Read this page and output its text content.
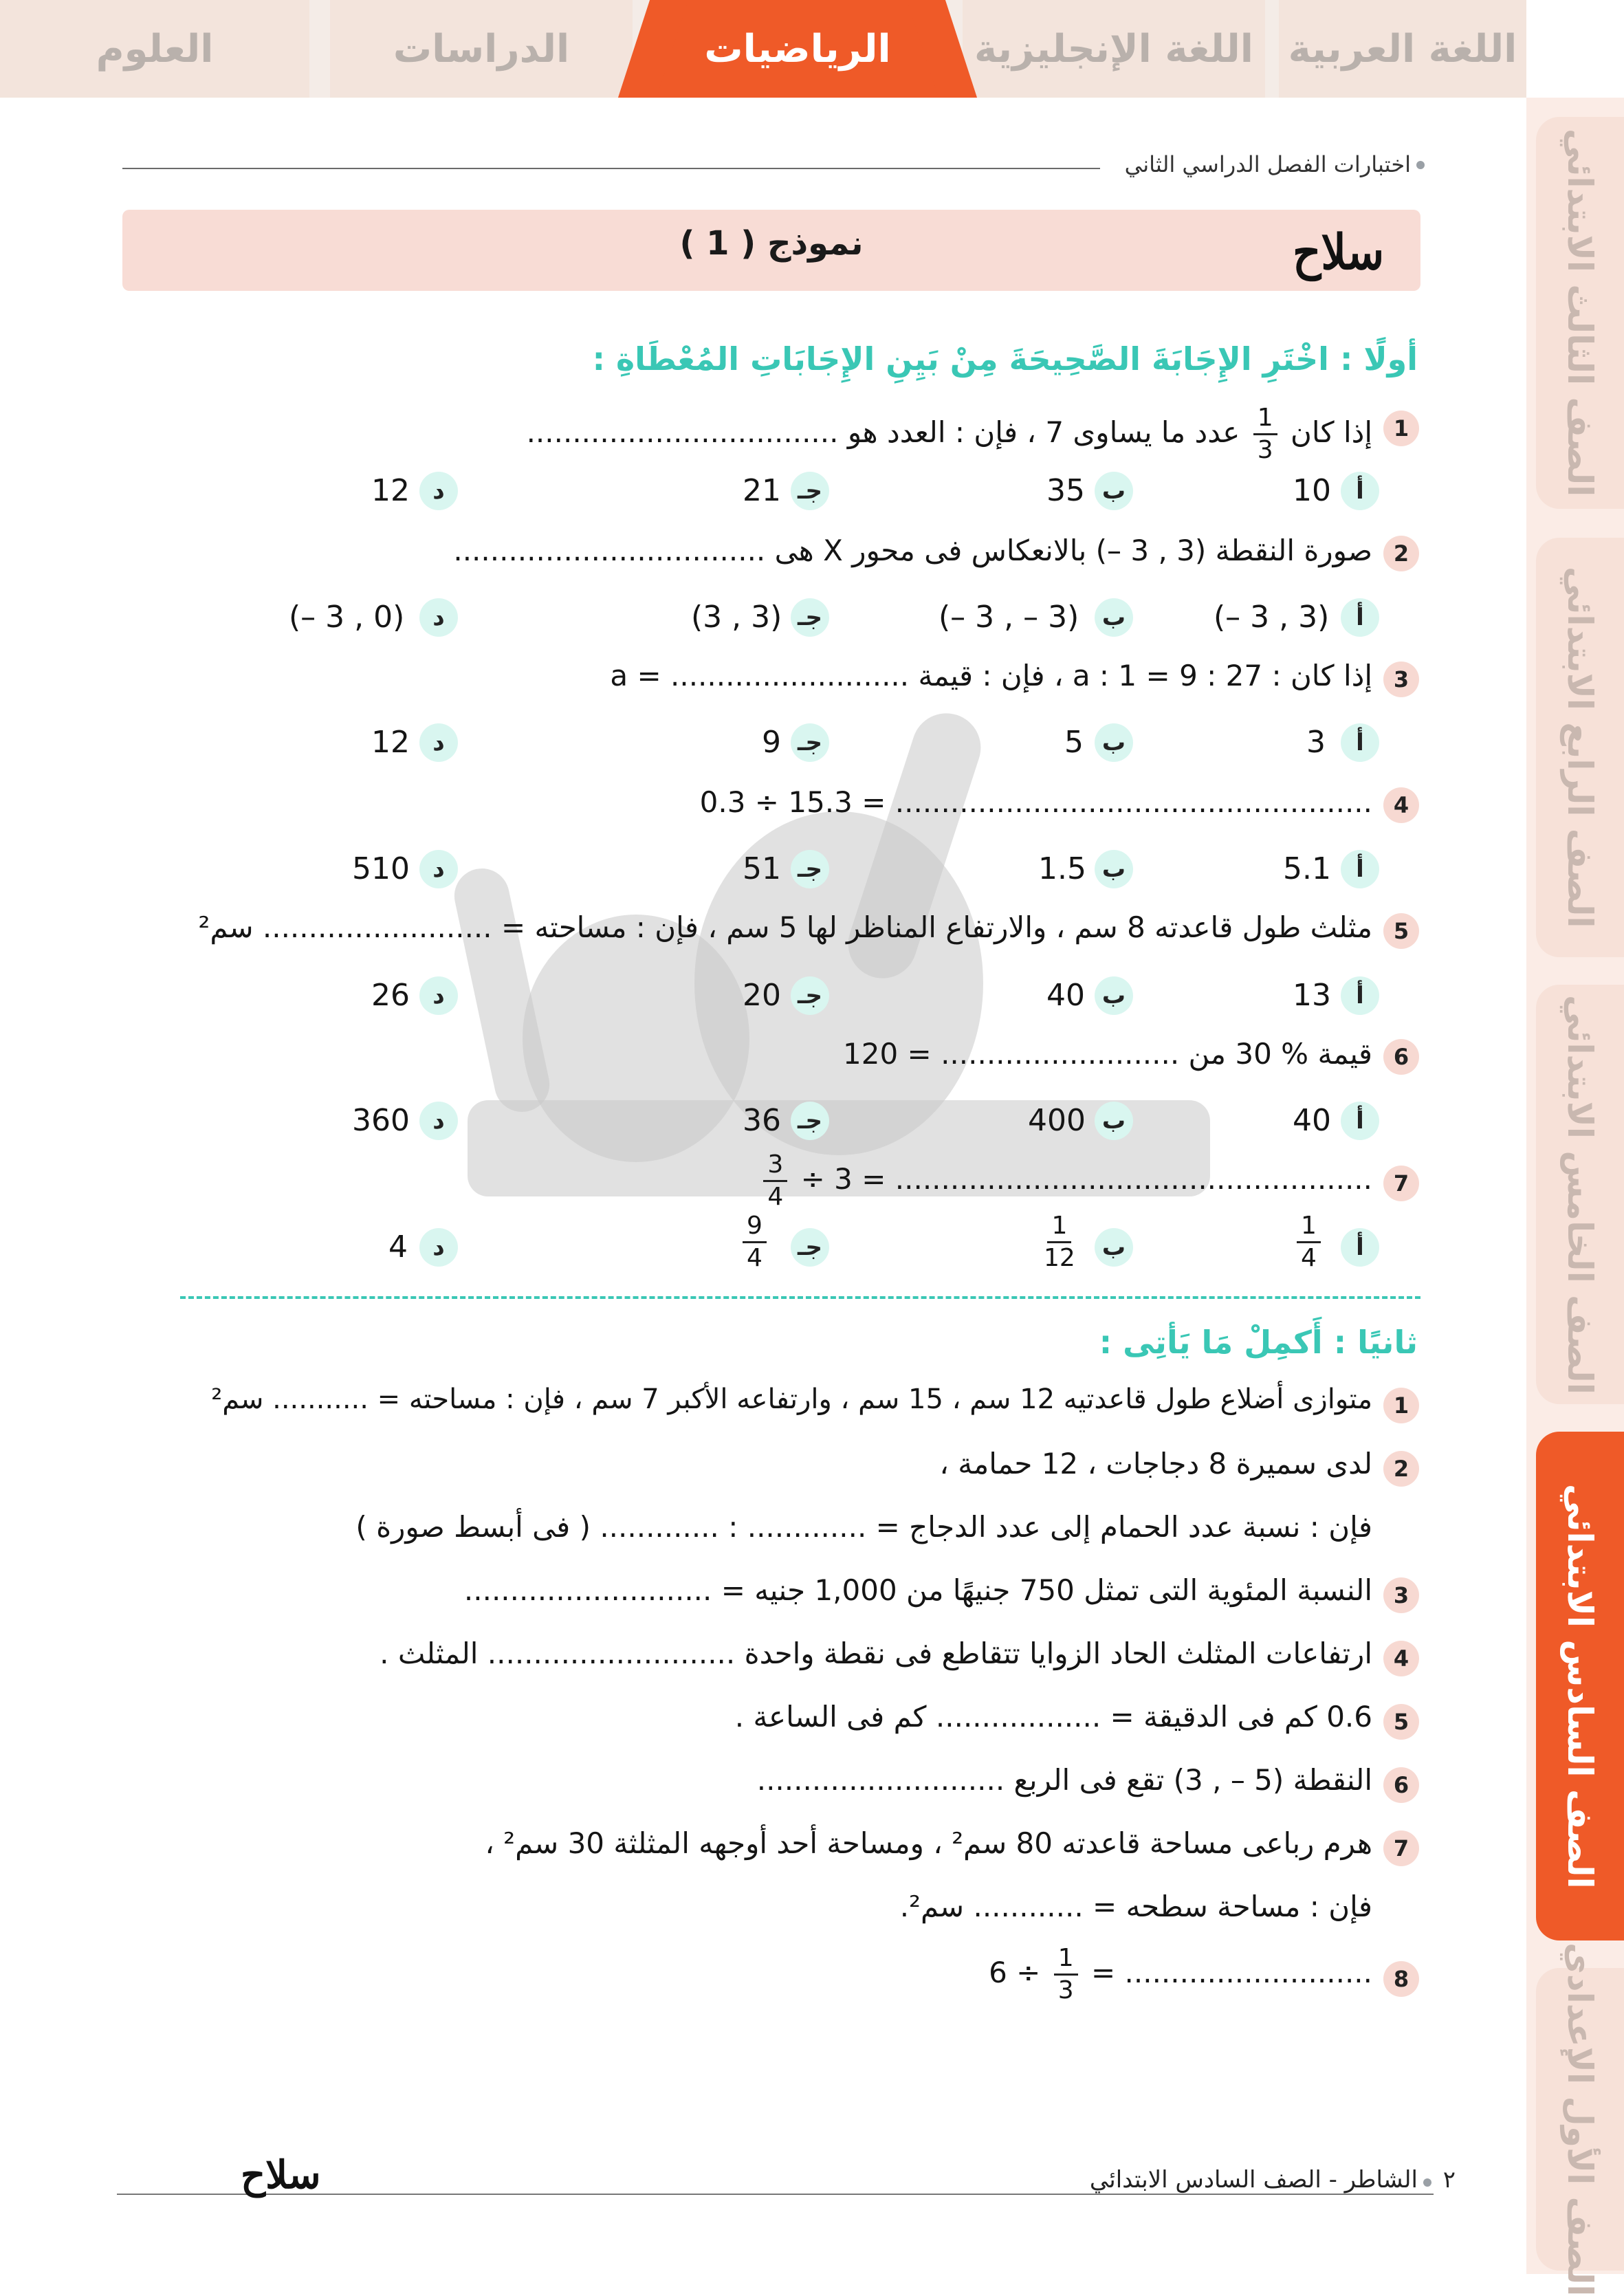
اللغة العربية
اللغة الإنجليزية
الرياضيات
الدراسات
العلوم
الصف الثالث الابتدائي
الصف الرابع الابتدائي
الصف الخامس الابتدائي
الصف السادس الابتدائي
الصف الأول الإعدادي
اختبارات الفصل الدراسي الثاني
نموذج ( 1 )	سلاح
أولًا : اخْتَرِ الإِجَابَةَ الصَّحِيحَةَ مِنْ بَيِنِ الإِجَابَاتِ المُعْطَاةِ :
1
إذا كان
$\frac{1}{3}$
عدد ما يساوى 7 ، فإن : العدد هو ..................................
أ
10
ب
35
جـ
21
د
12
2
صورة النقطة (3 , 3 –) بالانعكاس فى محور X هى ..................................
أ
(– 3 , 3)
ب
(– 3 , – 3)
جـ
(3 , 3)
د
(– 3 , 0)
3
إذا كان : 27 : 9 = a : 1 ، فإن : قيمة .......................... = a
أ
3
ب
5
جـ
9
د
12
4
.................................................... = 15.3 ÷ 0.3
أ
5.1
ب
1.5
جـ
51
د
510
5
مثلث طول قاعدته 8 سم ، والارتفاع المناظر لها 5 سم ، فإن : مساحته = ......................... سم²
أ
13
ب
40
جـ
20
د
26
6
قيمة % 30 من .......................... = 120
أ
40
ب
400
جـ
36
د
360
7
$\frac{3}{4} \div 3$ = ....................................................
أ
$\frac{1}{4}$
ب
$\frac{1}{12}$
جـ
$\frac{9}{4}$
د
4
ثانيًا : أَكمِلْ مَا يَأتِى :
1
متوازى أضلاع طول قاعدتيه 12 سم ، 15 سم ، وارتفاعه الأكبر 7 سم ، فإن : مساحته = ........... سم²
2
لدى سميرة 8 دجاجات ، 12 حمامة ،
فإن : نسبة عدد الحمام إلى عدد الدجاج = ............. : ............. ( فى أبسط صورة )
3
النسبة المئوية التى تمثل 750 جنيهًا من 1,000 جنيه = ...........................
4
ارتفاعات المثلث الحاد الزوايا تتقاطع فى نقطة واحدة ........................... المثلث .
5
0.6 كم فى الدقيقة = .................. كم فى الساعة .
6
النقطة (5 – , 3) تقع فى الربع ...........................
7
هرم رباعى مساحة قاعدته 80 سم² ، ومساحة أحد أوجهه المثلثة 30 سم² ،
فإن : مساحة سطحه = ............ سم².
8
$6 \div \frac{1}{3}$ = ...........................
٢
الشاطر - الصف السادس الابتدائي
سلاح
